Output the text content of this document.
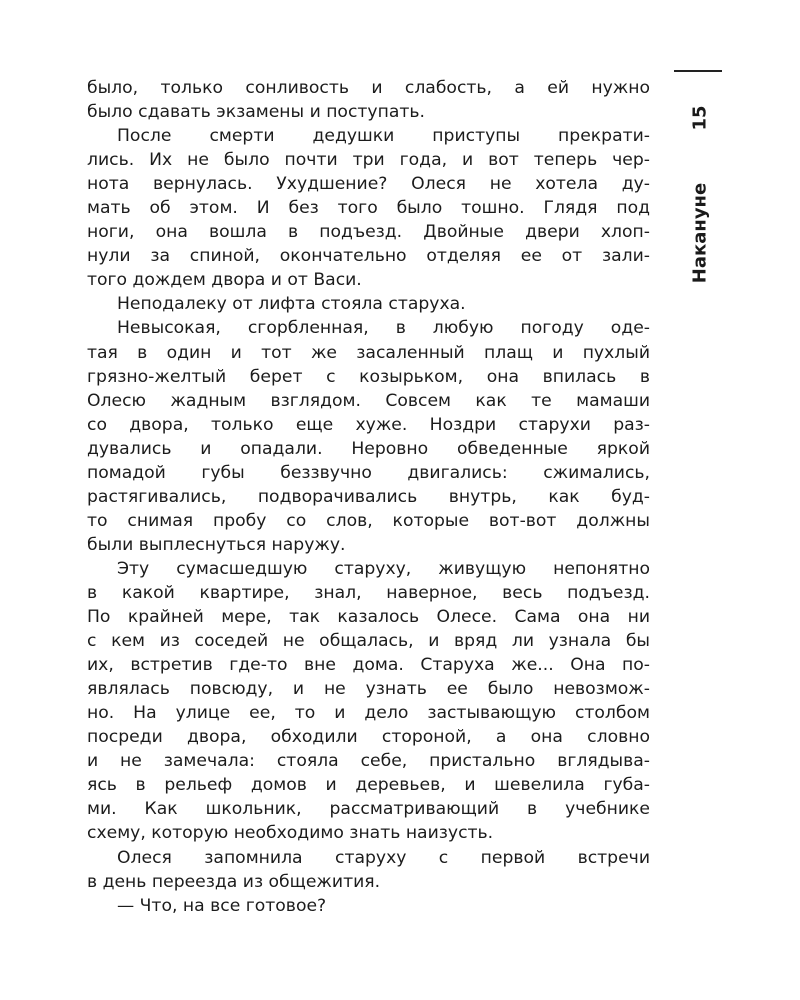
15
Накануне
было, только сонливость и слабость, а ей нужно
было сдавать экзамены и поступать.
После смерти дедушки приступы прекрати-
лись. Их не было почти три года, и вот теперь чер-
нота вернулась. Ухудшение? Олеся не хотела ду-
мать об этом. И без того было тошно. Глядя под
ноги, она вошла в подъезд. Двойные двери хлоп-
нули за спиной, окончательно отделяя ее от зали-
того дождем двора и от Васи.
Неподалеку от лифта стояла старуха.
Невысокая, сгорбленная, в любую погоду оде-
тая в один и тот же засаленный плащ и пухлый
грязно-желтый берет с козырьком, она впилась в
Олесю жадным взглядом. Совсем как те мамаши
со двора, только еще хуже. Ноздри старухи раз-
дувались и опадали. Неровно обведенные яркой
помадой губы беззвучно двигались: сжимались,
растягивались, подворачивались внутрь, как буд-
то снимая пробу со слов, которые вот-вот должны
были выплеснуться наружу.
Эту сумасшедшую старуху, живущую непонятно
в какой квартире, знал, наверное, весь подъезд.
По крайней мере, так казалось Олесе. Сама она ни
с кем из соседей не общалась, и вряд ли узнала бы
их, встретив где-то вне дома. Старуха же... Она по-
являлась повсюду, и не узнать ее было невозмож-
но. На улице ее, то и дело застывающую столбом
посреди двора, обходили стороной, а она словно
и не замечала: стояла себе, пристально вглядыва-
ясь в рельеф домов и деревьев, и шевелила губа-
ми. Как школьник, рассматривающий в учебнике
схему, которую необходимо знать наизусть.
Олеся запомнила старуху с первой встречи
в день переезда из общежития.
— Что, на все готовое?
